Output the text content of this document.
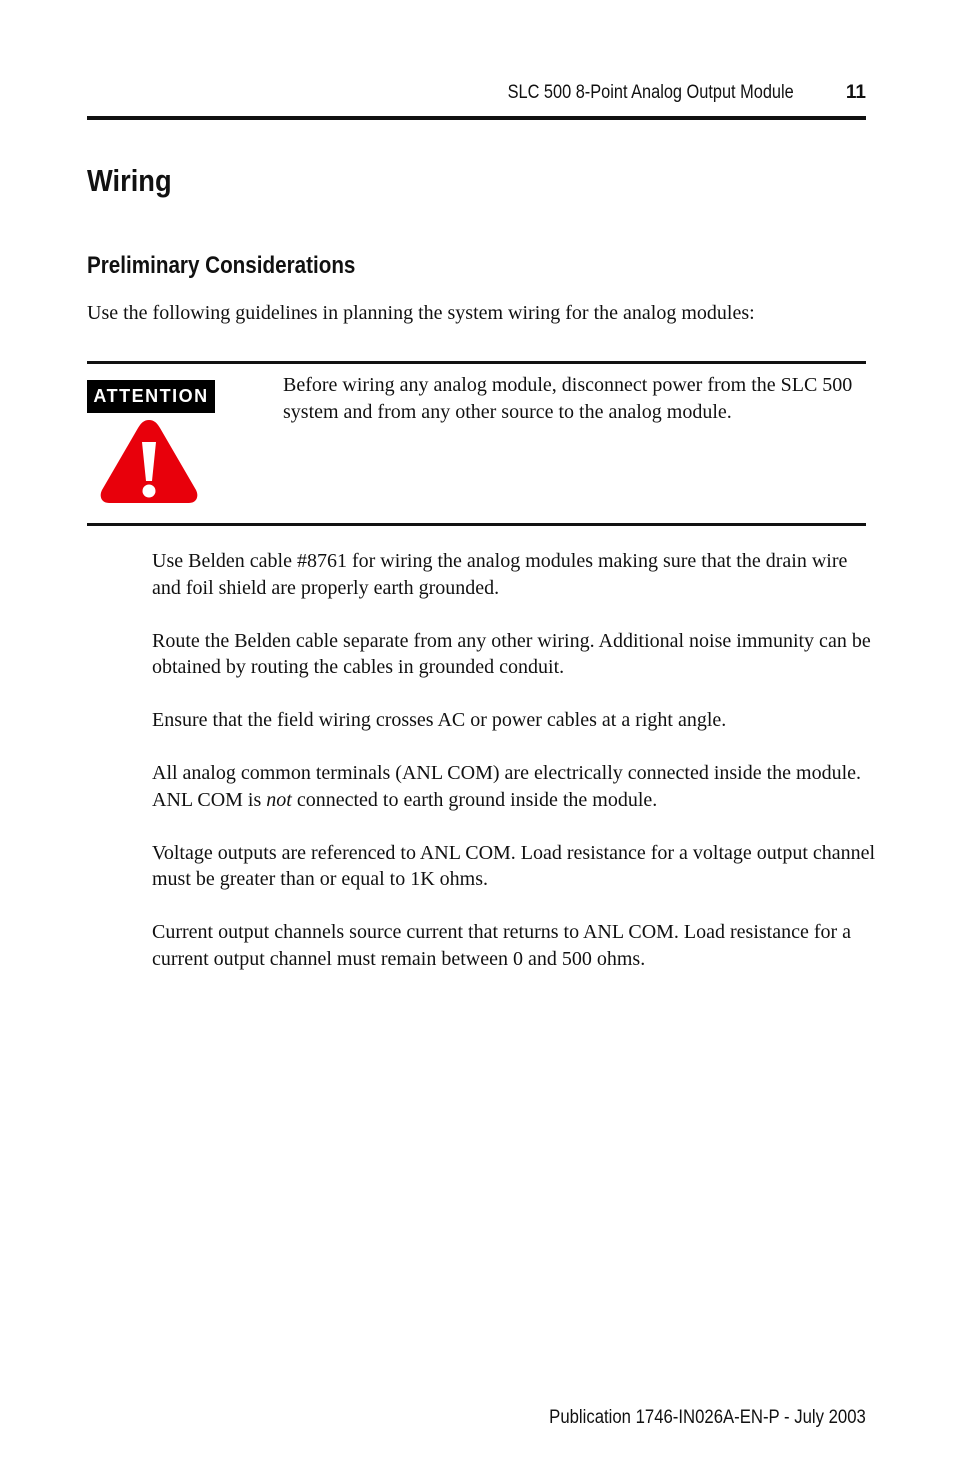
SLC 500 8-Point Analog Output Module	11
Wiring
Preliminary Considerations

Use the following guidelines in planning the system wiring for the analog modules:

ATTENTION	Before wiring any analog module, disconnect power from the SLC 500 system and from any other source to the analog module.

Use Belden cable #8761 for wiring the analog modules making sure that the drain wire and foil shield are properly earth grounded.

Route the Belden cable separate from any other wiring. Additional noise immunity can be obtained by routing the cables in grounded conduit.

Ensure that the field wiring crosses AC or power cables at a right angle.

All analog common terminals (ANL COM) are electrically connected inside the module. ANL COM is not connected to earth ground inside the module.

Voltage outputs are referenced to ANL COM. Load resistance for a voltage output channel must be greater than or equal to 1K ohms.

Current output channels source current that returns to ANL COM. Load resistance for a current output channel must remain between 0 and 500 ohms.

Publication 1746-IN026A-EN-P - July 2003
